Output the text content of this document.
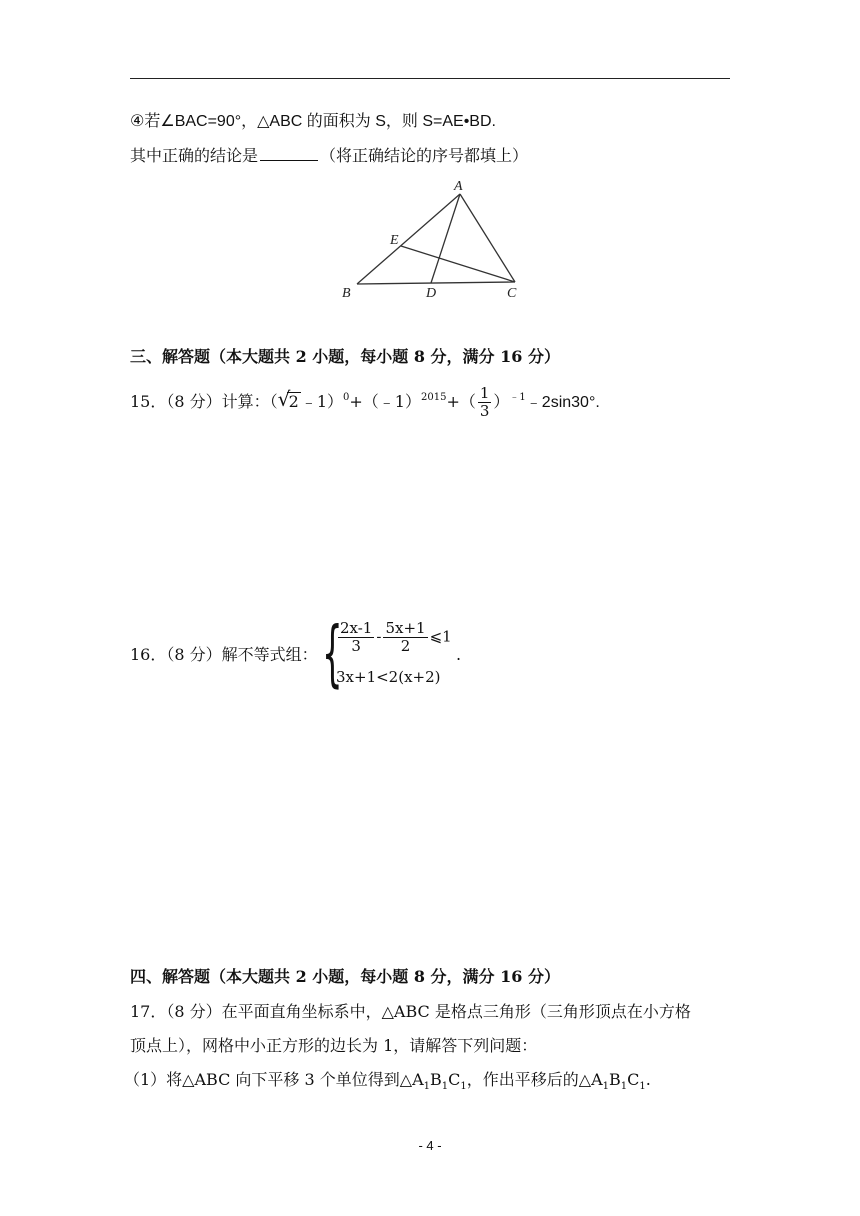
④若∠BAC=90°，△ABC 的面积为 S，则 S=AE•BD.
其中正确的结论是	（将正确结论的序号都填上）
A
B	C
D
E
三、解答题（本大题共 2 小题，每小题 8 分，满分 16 分）
15．（8 分）计算：（ √
2 ﹣1）$^0$+（﹣1）$^{2015}$+（ $\frac{1}{3}$ ）$^{﹣1}$﹣2sin30°.
16．（8 分）解不等式组： {
$\frac{2x-1}{3} - \frac{5x+1}{2}$ ⩽1
3x+1<2(x+2)
.
四、解答题（本大题共 2 小题，每小题 8 分，满分 16 分）
17．（8 分）在平面直角坐标系中，△ABC 是格点三角形（三角形顶点在小方格
顶点上），网格中小正方形的边长为 1，请解答下列问题：
（1）将△ABC 向下平移 3 个单位得到$\triangle A_1B_1C_1$，作出平移后的$\triangle A_1B_1C_1$.
- 4 -
